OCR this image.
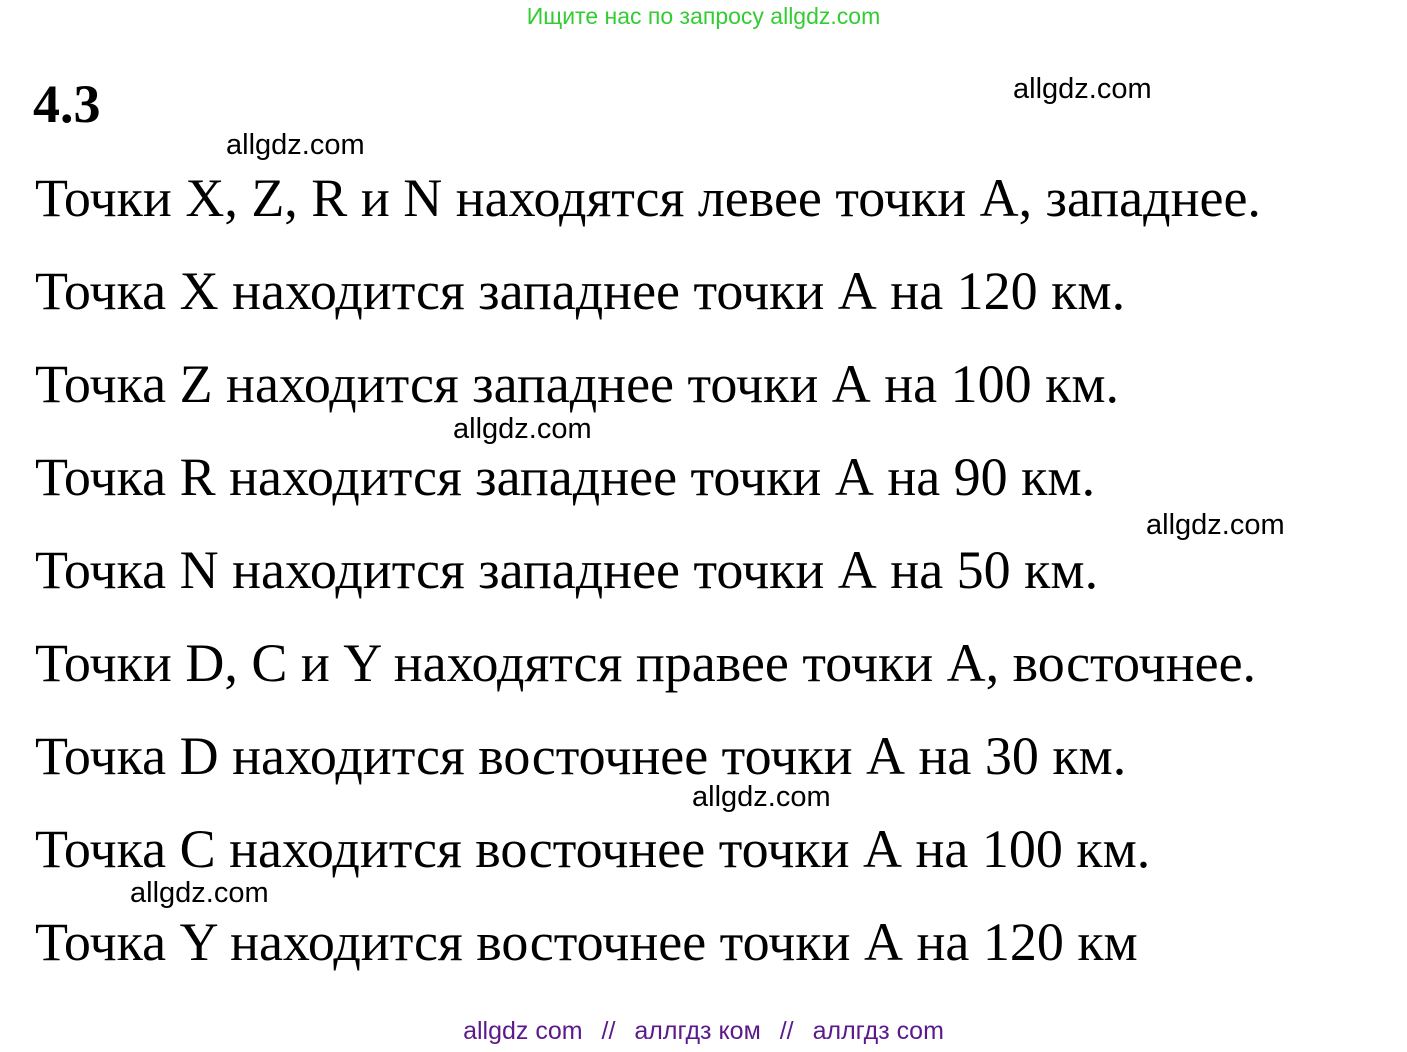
Ищите нас по запросу allgdz.com
4.3	allgdz.com
allgdz.com
allgdz.com
allgdz.com
allgdz.com
allgdz.com
Точки X, Z, R и N находятся левее точки А, западнее.
Точка X находится западнее точки А на 120 км.
Точка Z находится западнее точки А на 100 км.
Точка R находится западнее точки А на 90 км.
Точка N находится западнее точки А на 50 км.
Точки D, C и Y находятся правее точки А, восточнее.
Точка D находится восточнее точки А на 30 км.
Точка C находится восточнее точки А на 100 км.
Точка Y находится восточнее точки А на 120 км
allgdz com // аллгдз ком // аллгдз com
